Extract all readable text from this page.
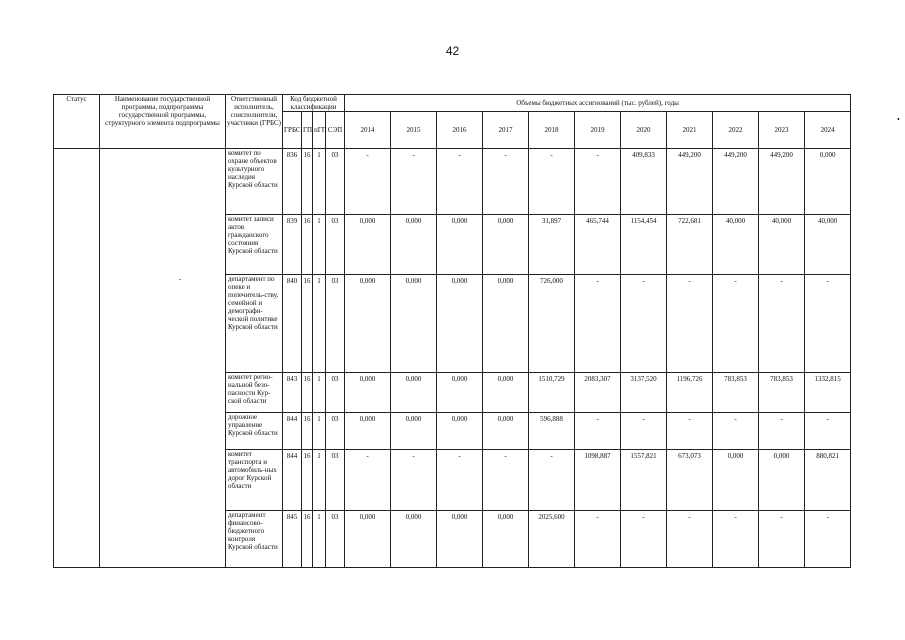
42
Статус	Наименование государственной программы, подпрограммы государственной программы, структурного элемента подпрограммы	Ответственный исполнитель, соисполнители, участники (ГРБС)	Код бюджетной классификации				Объемы бюджетных ассигнований (тыс. рублей), годы										
			ГРБС	ГП	пГП	СЭП	2014	2015	2016	2017	2018	2019	2020	2021	2022	2023	2024
		комитет по охране объектов культурного наследия Курской области	836	16	1	03	-	-	-	-	-	-	409,833	449,200	449,200	449,200	0,000
		комитет записи актов гражданского состояния Курской области	839	16	1	03	0,000	0,000	0,000	0,000	31,897	465,744	1154,454	722,681	40,000	40,000	40,000
		департамент по опеке и попечитель-ству, семейной и демографи-ческой политике Курской области	840	16	1	03	0,000	0,000	0,000	0,000	726,000	-	-	-	-	-	-
		комитет регио-нальной безо-пасности Кур-ской области	843	16	1	03	0,000	0,000	0,000	0,000	1510,729	2083,307	3137,520	1196,726	783,853	783,853	1332,815
		дорожное управление Курской области	844	16	1	03	0,000	0,000	0,000	0,000	596,888	-	-	-	-	-	-
		комитет транспорта и автомобиль-ных дорог Курской области	844	16	1	03	-	-	-	-	-	1098,887	1557,821	673,073	0,000	0,000	880,821
		департамент финансово-бюджетного контроля Курской области	845	16	1	03	0,000	0,000	0,000	0,000	2025,600	-	-	-	-	-	-
•
-
